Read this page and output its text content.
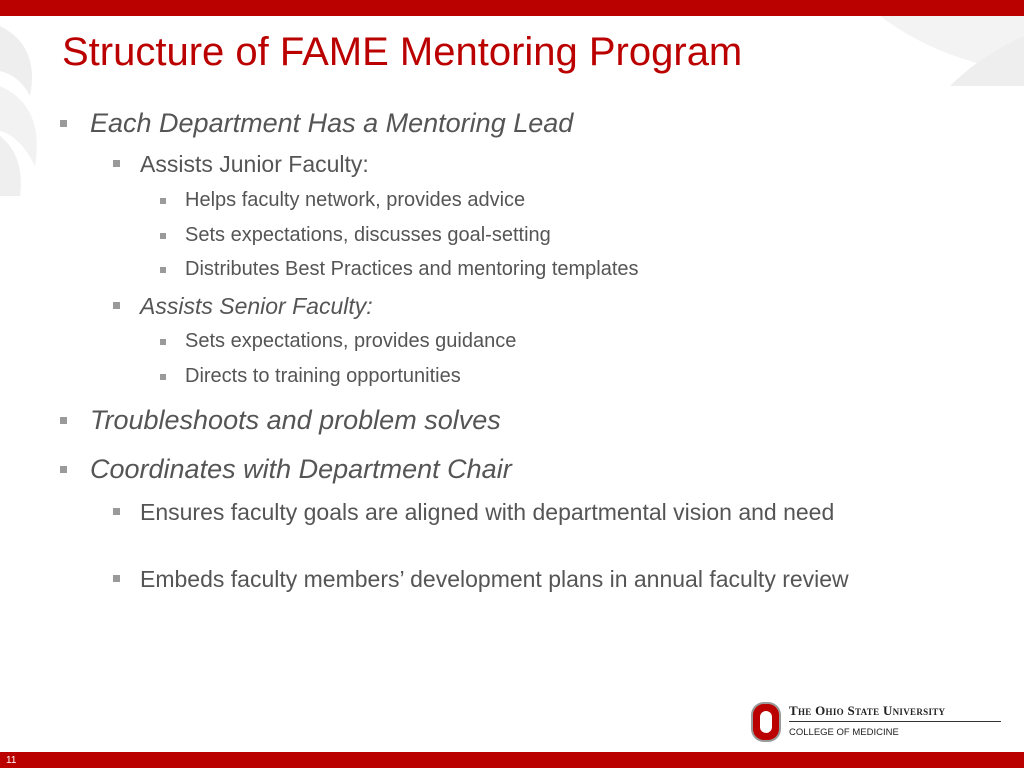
Structure of FAME Mentoring Program
Each Department Has a Mentoring Lead
Assists Junior Faculty:
Helps faculty network, provides advice
Sets expectations, discusses goal-setting
Distributes Best Practices and mentoring templates
Assists Senior Faculty:
Sets expectations, provides guidance
Directs to training opportunities
Troubleshoots and problem solves
Coordinates with Department Chair
Ensures faculty goals are aligned with departmental vision and need
Embeds faculty members’ development plans in annual faculty review
The Ohio State University
COLLEGE OF MEDICINE
11
